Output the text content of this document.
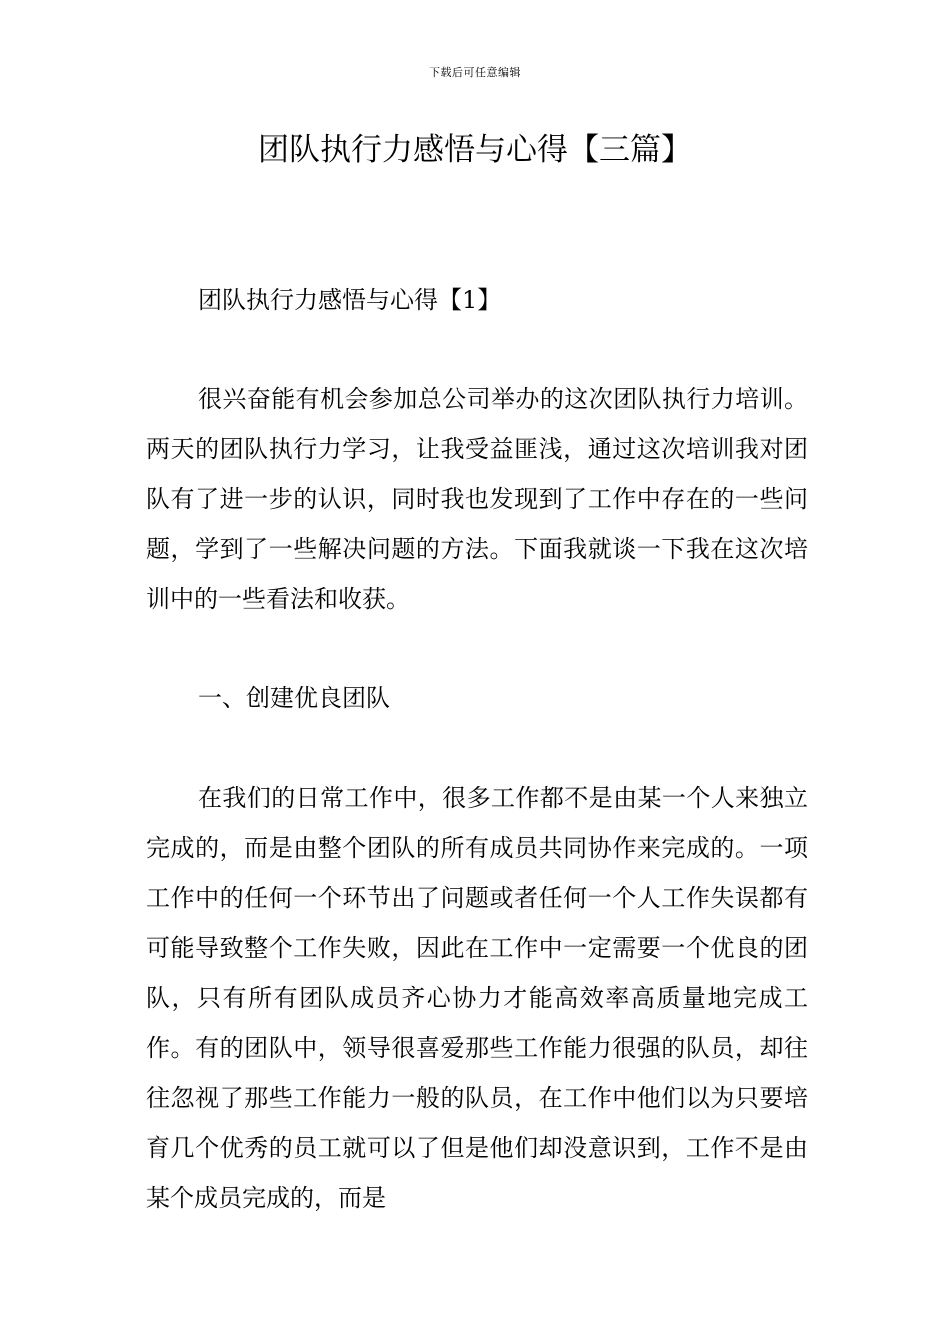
下载后可任意编辑
团队执行力感悟与心得【三篇】

团队执行力感悟与心得【1】

很兴奋能有机会参加总公司举办的这次团队执行力培训。两天的团队执行力学习，让我受益匪浅，通过这次培训我对团队有了进一步的认识，同时我也发现到了工作中存在的一些问题，学到了一些解决问题的方法。下面我就谈一下我在这次培训中的一些看法和收获。

一、创建优良团队

在我们的日常工作中，很多工作都不是由某一个人来独立完成的，而是由整个团队的所有成员共同协作来完成的。一项工作中的任何一个环节出了问题或者任何一个人工作失误都有可能导致整个工作失败，因此在工作中一定需要一个优良的团队，只有所有团队成员齐心协力才能高效率高质量地完成工作。有的团队中，领导很喜爱那些工作能力很强的队员，却往往忽视了那些工作能力一般的队员，在工作中他们以为只要培育几个优秀的员工就可以了但是他们却没意识到，工作不是由某个成员完成的，而是
